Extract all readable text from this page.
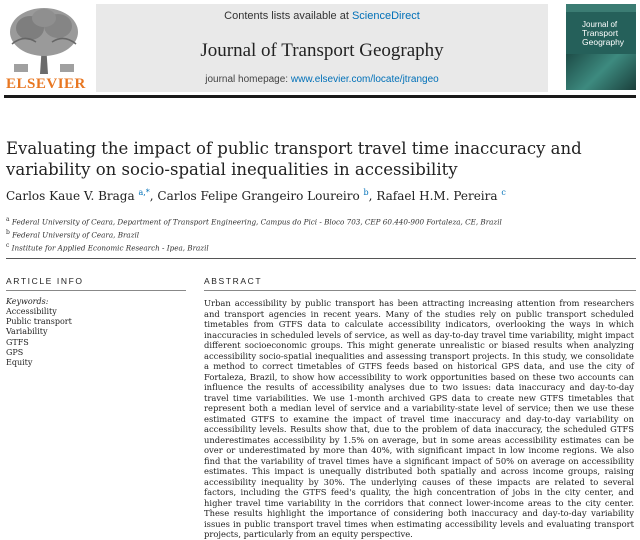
ELSEVIER
Contents lists available at ScienceDirect
Journal of Transport Geography
journal homepage: www.elsevier.com/locate/jtrangeo
Journal of
Transport
Geography
Evaluating the impact of public transport travel time inaccuracy and
variability on socio-spatial inequalities in accessibility
Carlos Kaue V. Braga $^{a,*}$, Carlos Felipe Grangeiro Loureiro $^b$, Rafael H.M. Pereira $^c$
$^a$ Federal University of Ceara, Department of Transport Engineering, Campus do Pici - Bloco 703, CEP 60.440-900 Fortaleza, CE, Brazil
$^b$ Federal University of Ceara, Brazil
$^c$ Institute for Applied Economic Research - Ipea, Brazil
ARTICLE INFO
Keywords:
Accessibility
Public transport
Variability
GTFS
GPS
Equity
ABSTRACT
Urban accessibility by public transport has been attracting increasing attention from researchers and transport agencies in recent years. Many of the studies rely on public transport scheduled timetables from GTFS data to calculate accessibility indicators, overlooking the ways in which inaccuracies in scheduled levels of service, as well as day-to-day travel time variability, might impact different socioeconomic groups. This might generate unrealistic or biased results when analyzing accessibility socio-spatial inequalities and assessing transport projects. In this study, we consolidate a method to correct timetables of GTFS feeds based on historical GPS data, and use the city of Fortaleza, Brazil, to show how accessibility to work opportunities based on these two accounts can influence the results of accessibility analyses due to two issues: data inaccuracy and day-to-day travel time variabilities. We use 1-month archived GPS data to create new GTFS timetables that represent both a median level of service and a variability-state level of service; then we use these estimated GTFS to examine the impact of travel time inaccuracy and day-to-day variability on accessibility levels. Results show that, due to the problem of data inaccuracy, the scheduled GTFS underestimates accessibility by 1.5% on average, but in some areas accessibility estimates can be over or underestimated by more than 40%, with significant impact in low income regions. We also find that the variability of travel times have a significant impact of 50% on average on accessibility estimates. This impact is unequally distributed both spatially and across income groups, raising accessibility inequality by 30%. The underlying causes of these impacts are related to several factors, including the GTFS feed's quality, the high concentration of jobs in the city center, and higher travel time variability in the corridors that connect lower-income areas to the city center. These results highlight the importance of considering both inaccuracy and day-to-day variability issues in public transport travel times when estimating accessibility levels and evaluating transport projects, particularly from an equity perspective.
